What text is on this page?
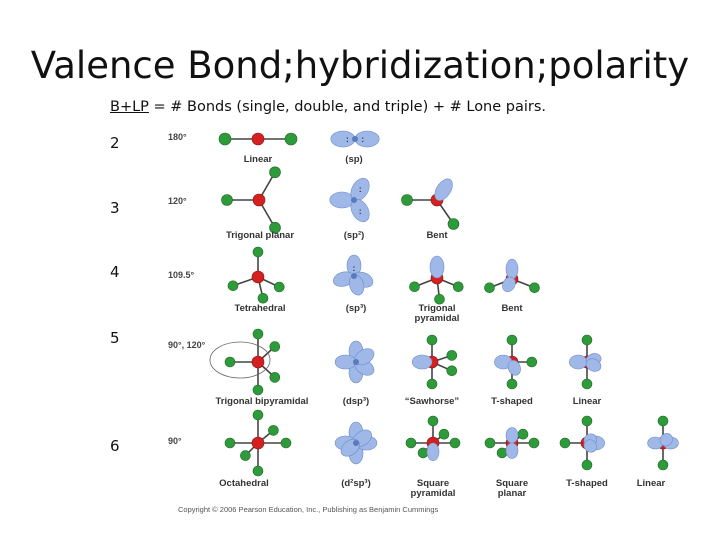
Valence Bond;hybridization;polarity
B+LP = # Bonds (single, double, and triple) + # Lone pairs.
2
3
4
5
6
: :
:
:
:
180°
120°
109.5°
90°, 120°
90°
Linear	(sp)
Trigonal planar	(sp²)	Bent
Tetrahedral	(sp³)	Trigonal pyramidal
Bent
Trigonal bipyramidal	(dsp³)	“Sawhorse”	T-shaped	Linear
Octahedral	(d²sp³)	Square pyramidal
Square planar
T-shaped	Linear
Copyright © 2006 Pearson Education, Inc., Publishing as Benjamin Cummings
